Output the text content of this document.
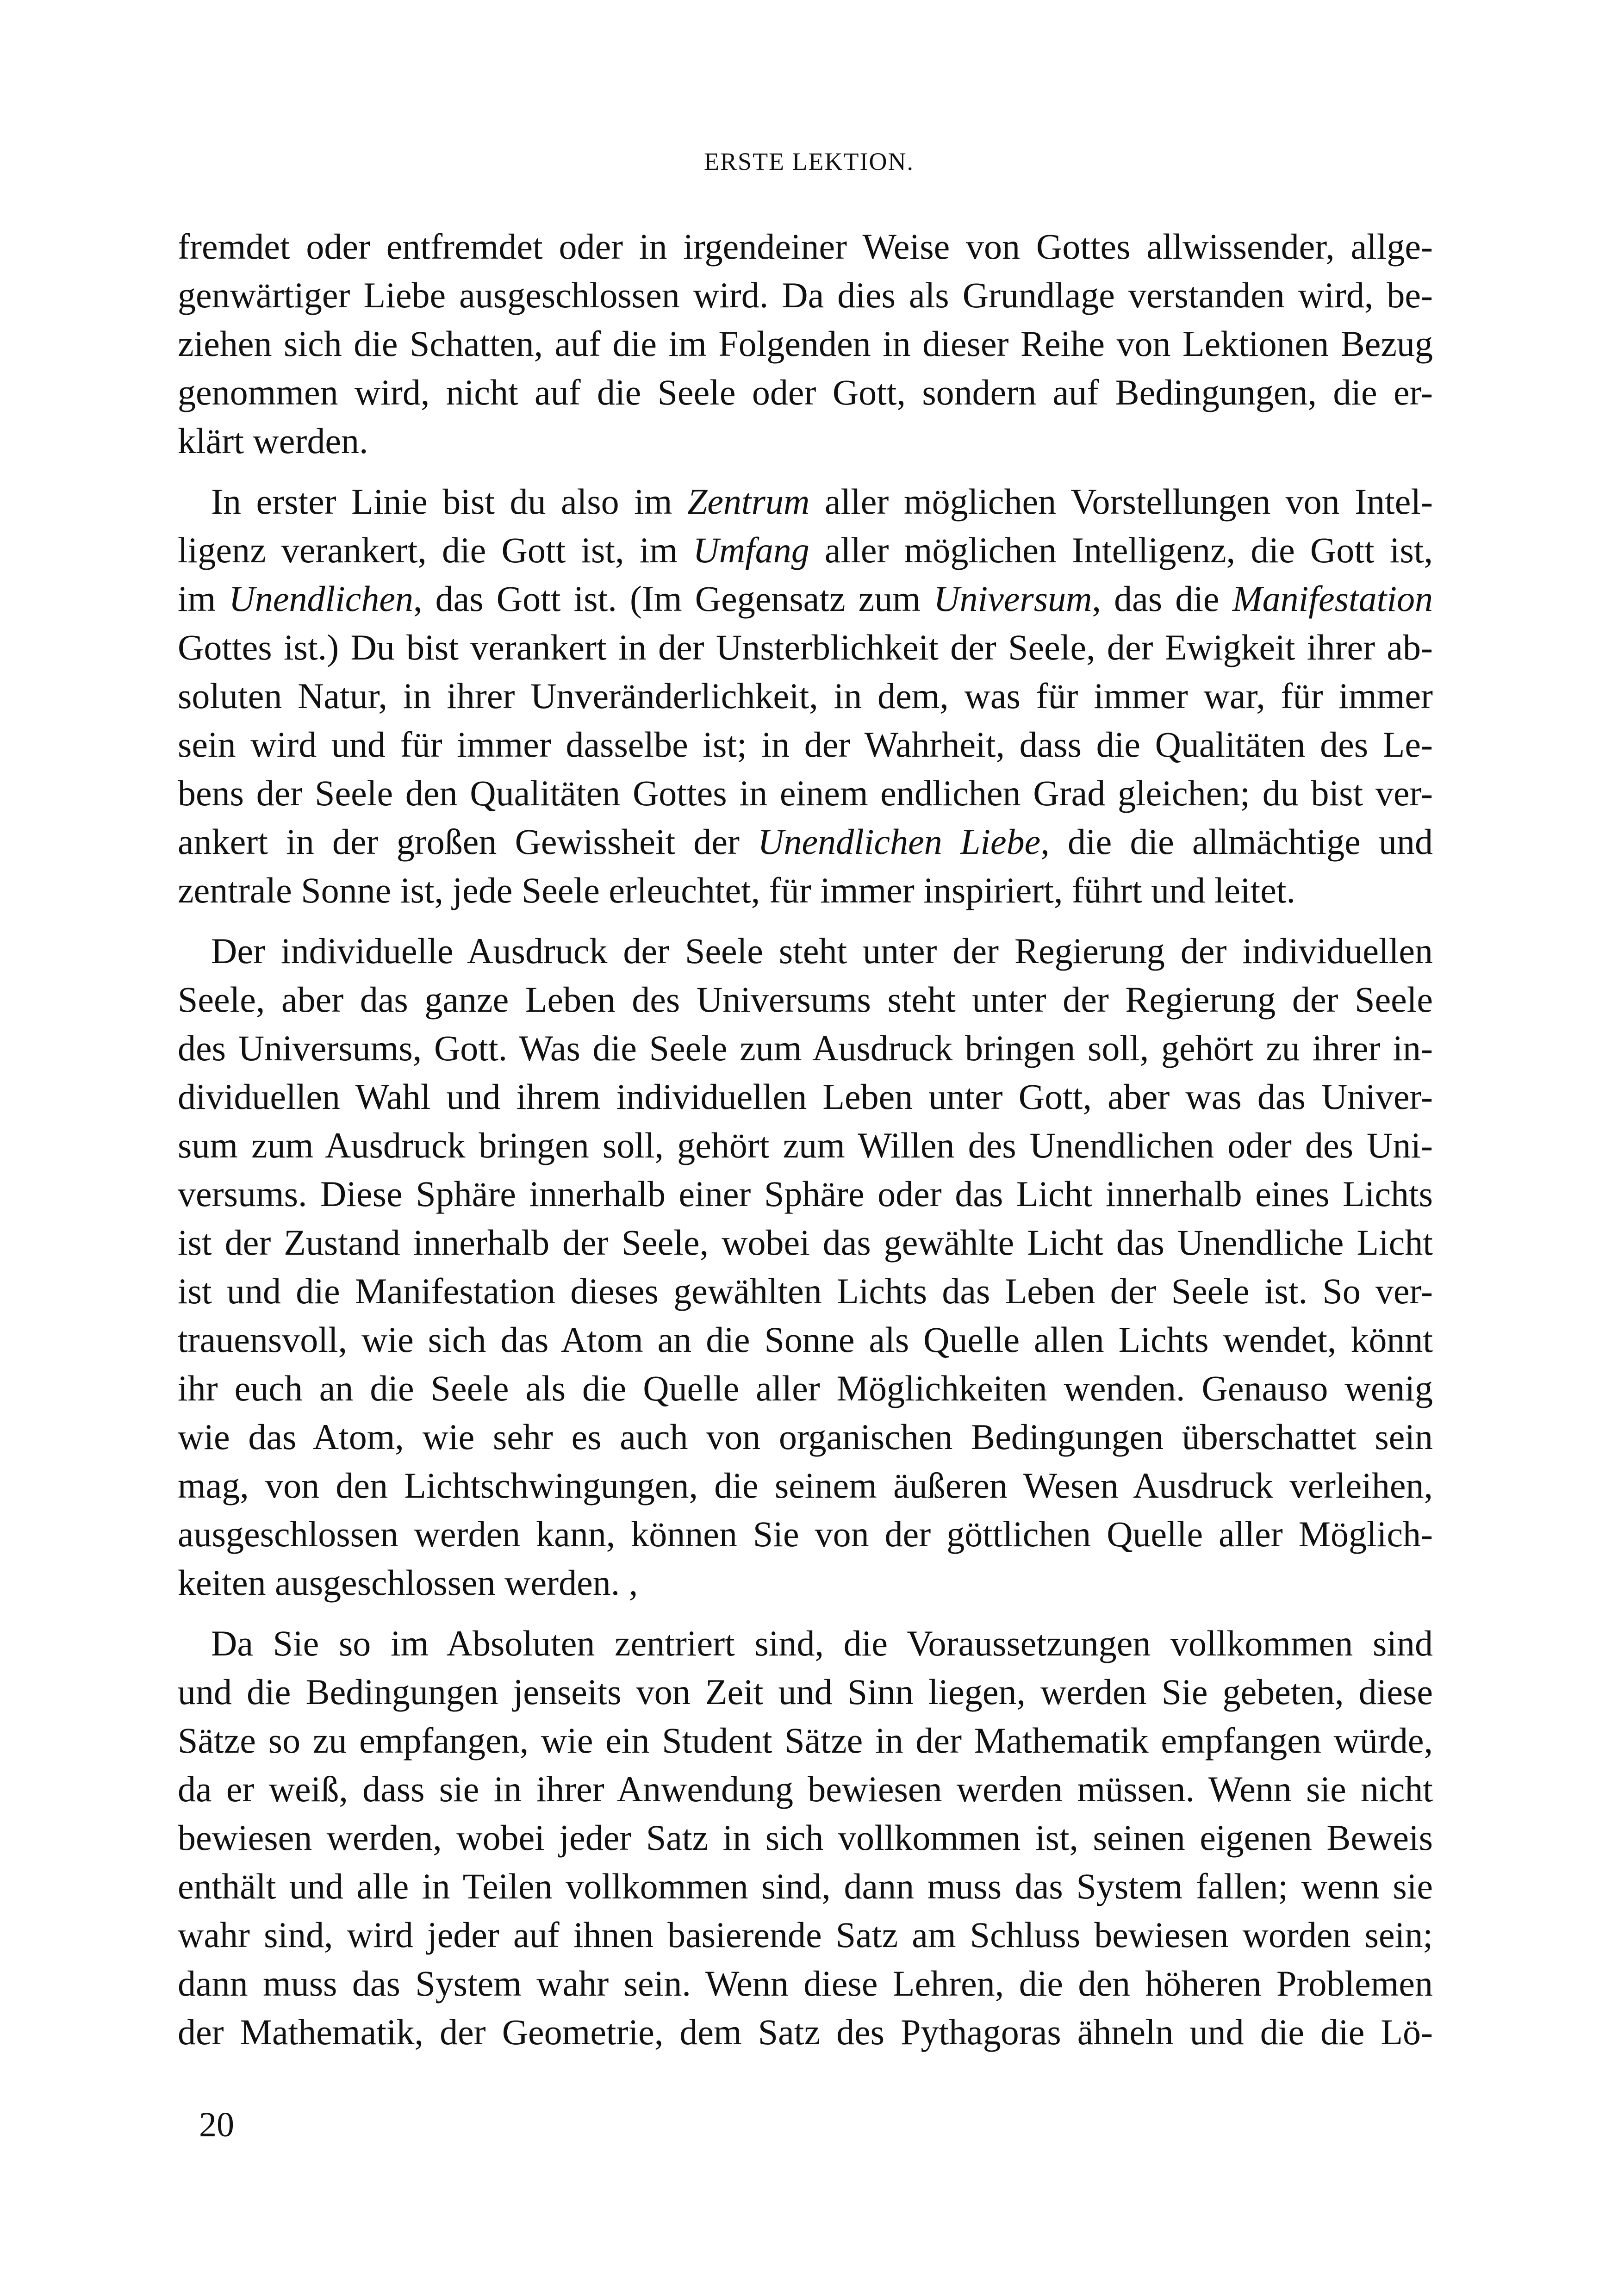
ERSTE LEKTION.
fremdet oder entfremdet oder in irgendeiner Weise von Gottes allwissender, allge-
genwärtiger Liebe ausgeschlossen wird. Da dies als Grundlage verstanden wird, be-
ziehen sich die Schatten, auf die im Folgenden in dieser Reihe von Lektionen Bezug
genommen wird, nicht auf die Seele oder Gott, sondern auf Bedingungen, die er-
klärt werden.
In erster Linie bist du also im Zentrum aller möglichen Vorstellungen von Intel-
ligenz verankert, die Gott ist, im Umfang aller möglichen Intelligenz, die Gott ist,
im Unendlichen, das Gott ist. (Im Gegensatz zum Universum, das die Manifestation
Gottes ist.) Du bist verankert in der Unsterblichkeit der Seele, der Ewigkeit ihrer ab-
soluten Natur, in ihrer Unveränderlichkeit, in dem, was für immer war, für immer
sein wird und für immer dasselbe ist; in der Wahrheit, dass die Qualitäten des Le-
bens der Seele den Qualitäten Gottes in einem endlichen Grad gleichen; du bist ver-
ankert in der großen Gewissheit der Unendlichen Liebe, die die allmächtige und
zentrale Sonne ist, jede Seele erleuchtet, für immer inspiriert, führt und leitet.
Der individuelle Ausdruck der Seele steht unter der Regierung der individuellen
Seele, aber das ganze Leben des Universums steht unter der Regierung der Seele
des Universums, Gott. Was die Seele zum Ausdruck bringen soll, gehört zu ihrer in-
dividuellen Wahl und ihrem individuellen Leben unter Gott, aber was das Univer-
sum zum Ausdruck bringen soll, gehört zum Willen des Unendlichen oder des Uni-
versums. Diese Sphäre innerhalb einer Sphäre oder das Licht innerhalb eines Lichts
ist der Zustand innerhalb der Seele, wobei das gewählte Licht das Unendliche Licht
ist und die Manifestation dieses gewählten Lichts das Leben der Seele ist. So ver-
trauensvoll, wie sich das Atom an die Sonne als Quelle allen Lichts wendet, könnt
ihr euch an die Seele als die Quelle aller Möglichkeiten wenden. Genauso wenig
wie das Atom, wie sehr es auch von organischen Bedingungen überschattet sein
mag, von den Lichtschwingungen, die seinem äußeren Wesen Ausdruck verleihen,
ausgeschlossen werden kann, können Sie von der göttlichen Quelle aller Möglich-
keiten ausgeschlossen werden. ,
Da Sie so im Absoluten zentriert sind, die Voraussetzungen vollkommen sind
und die Bedingungen jenseits von Zeit und Sinn liegen, werden Sie gebeten, diese
Sätze so zu empfangen, wie ein Student Sätze in der Mathematik empfangen würde,
da er weiß, dass sie in ihrer Anwendung bewiesen werden müssen. Wenn sie nicht
bewiesen werden, wobei jeder Satz in sich vollkommen ist, seinen eigenen Beweis
enthält und alle in Teilen vollkommen sind, dann muss das System fallen; wenn sie
wahr sind, wird jeder auf ihnen basierende Satz am Schluss bewiesen worden sein;
dann muss das System wahr sein. Wenn diese Lehren, die den höheren Problemen
der Mathematik, der Geometrie, dem Satz des Pythagoras ähneln und die die Lö-
20
